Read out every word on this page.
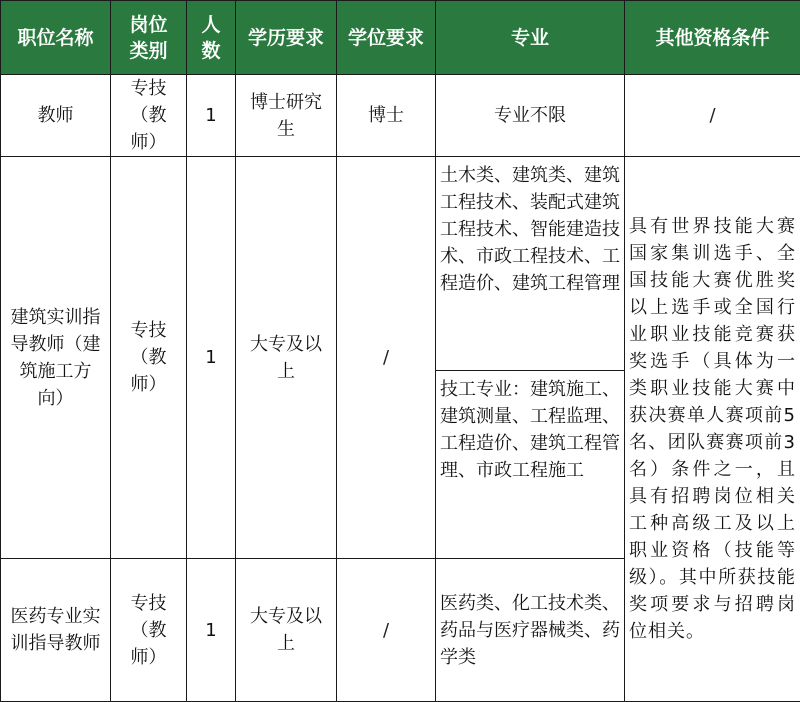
职位名称	岗位类别	人数	学历要求	学位要求	专业	其他资格条件
教师	专技（教师）	1	博士研究生	博士	专业不限	/
建筑实训指导教师（建筑施工方向）	专技（教师）	1	大专及以上	/	土木类、建筑类、建筑工程技术、装配式建筑工程技术、智能建造技术、市政工程技术、工程造价、建筑工程管理	具有世界技能大赛国家集训选手、全国技能大赛优胜奖以上选手或全国行业职业技能竞赛获奖选手（具体为一类职业技能大赛中获决赛单人赛项前5名、团队赛赛项前3名）条件之一，且具有招聘岗位相关工种高级工及以上职业资格（技能等级）。其中所获技能奖项要求与招聘岗位相关。
					技工专业：建筑施工、建筑测量、工程监理、工程造价、建筑工程管理、市政工程施工	
医药专业实训指导教师	专技（教师）	1	大专及以上	/	医药类、化工技术类、药品与医疗器械类、药学类	
